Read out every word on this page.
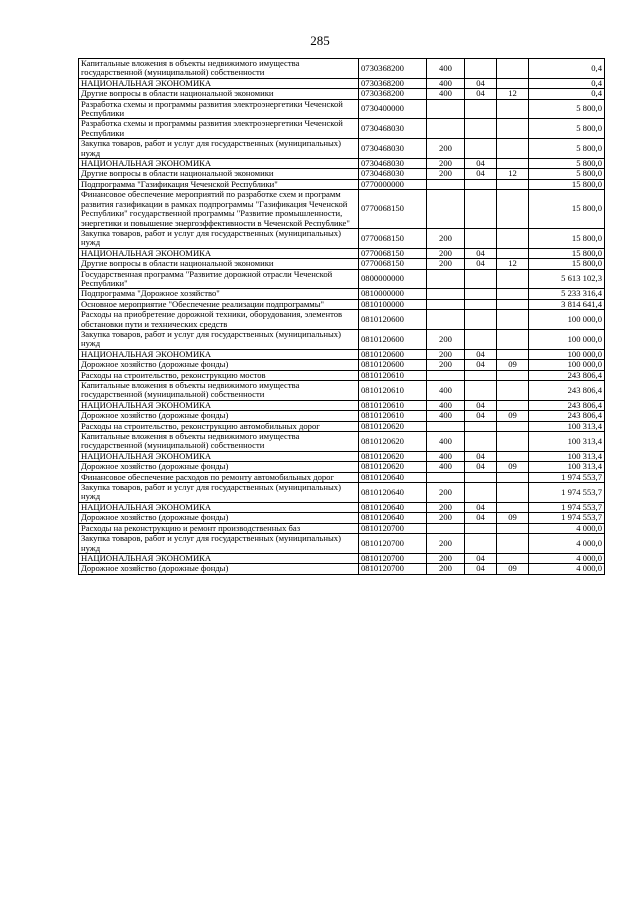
285
Капитальные вложения в объекты недвижимого имущества государственной (муниципальной) собственности	0730368200	400			0,4
НАЦИОНАЛЬНАЯ ЭКОНОМИКА	0730368200	400	04		0,4
Другие вопросы в области национальной экономики	0730368200	400	04	12	0,4
Разработка схемы и программы развития электроэнергетики Чеченской Республики	0730400000				5 800,0
Разработка схемы и программы развития электроэнергетики Чеченской Республики	0730468030				5 800,0
Закупка товаров, работ и услуг для государственных (муниципальных) нужд	0730468030	200			5 800,0
НАЦИОНАЛЬНАЯ ЭКОНОМИКА	0730468030	200	04		5 800,0
Другие вопросы в области национальной экономики	0730468030	200	04	12	5 800,0
Подпрограмма "Газификация Чеченской Республики"	0770000000				15 800,0
Финансовое обеспечение мероприятий по разработке схем и программ развития газификации в рамках подпрограммы "Газификация Чеченской Республики" государственной программы "Развитие промышленности, энергетики и повышение энергоэффективности в Чеченской Республике"	0770068150				15 800,0
Закупка товаров, работ и услуг для государственных (муниципальных) нужд	0770068150	200			15 800,0
НАЦИОНАЛЬНАЯ ЭКОНОМИКА	0770068150	200	04		15 800,0
Другие вопросы в области национальной экономики	0770068150	200	04	12	15 800,0
Государственная программа "Развитие дорожной отрасли Чеченской Республики"	0800000000				5 613 102,3
Подпрограмма "Дорожное хозяйство"	0810000000				5 233 316,4
Основное мероприятие "Обеспечение реализации подпрограммы"	0810100000				3 814 641,4
Расходы на приобретение дорожной техники, оборудования, элементов обстановки пути и технических средств	0810120600				100 000,0
Закупка товаров, работ и услуг для государственных (муниципальных) нужд	0810120600	200			100 000,0
НАЦИОНАЛЬНАЯ ЭКОНОМИКА	0810120600	200	04		100 000,0
Дорожное хозяйство (дорожные фонды)	0810120600	200	04	09	100 000,0
Расходы на строительство, реконструкцию мостов	0810120610				243 806,4
Капитальные вложения в объекты недвижимого имущества государственной (муниципальной) собственности	0810120610	400			243 806,4
НАЦИОНАЛЬНАЯ ЭКОНОМИКА	0810120610	400	04		243 806,4
Дорожное хозяйство (дорожные фонды)	0810120610	400	04	09	243 806,4
Расходы на строительство, реконструкцию автомобильных дорог	0810120620				100 313,4
Капитальные вложения в объекты недвижимого имущества государственной (муниципальной) собственности	0810120620	400			100 313,4
НАЦИОНАЛЬНАЯ ЭКОНОМИКА	0810120620	400	04		100 313,4
Дорожное хозяйство (дорожные фонды)	0810120620	400	04	09	100 313,4
Финансовое обеспечение расходов по ремонту автомобильных дорог	0810120640				1 974 553,7
Закупка товаров, работ и услуг для государственных (муниципальных) нужд	0810120640	200			1 974 553,7
НАЦИОНАЛЬНАЯ ЭКОНОМИКА	0810120640	200	04		1 974 553,7
Дорожное хозяйство (дорожные фонды)	0810120640	200	04	09	1 974 553,7
Расходы на реконструкцию и ремонт производственных баз	0810120700				4 000,0
Закупка товаров, работ и услуг для государственных (муниципальных) нужд	0810120700	200			4 000,0
НАЦИОНАЛЬНАЯ ЭКОНОМИКА	0810120700	200	04		4 000,0
Дорожное хозяйство (дорожные фонды)	0810120700	200	04	09	4 000,0
